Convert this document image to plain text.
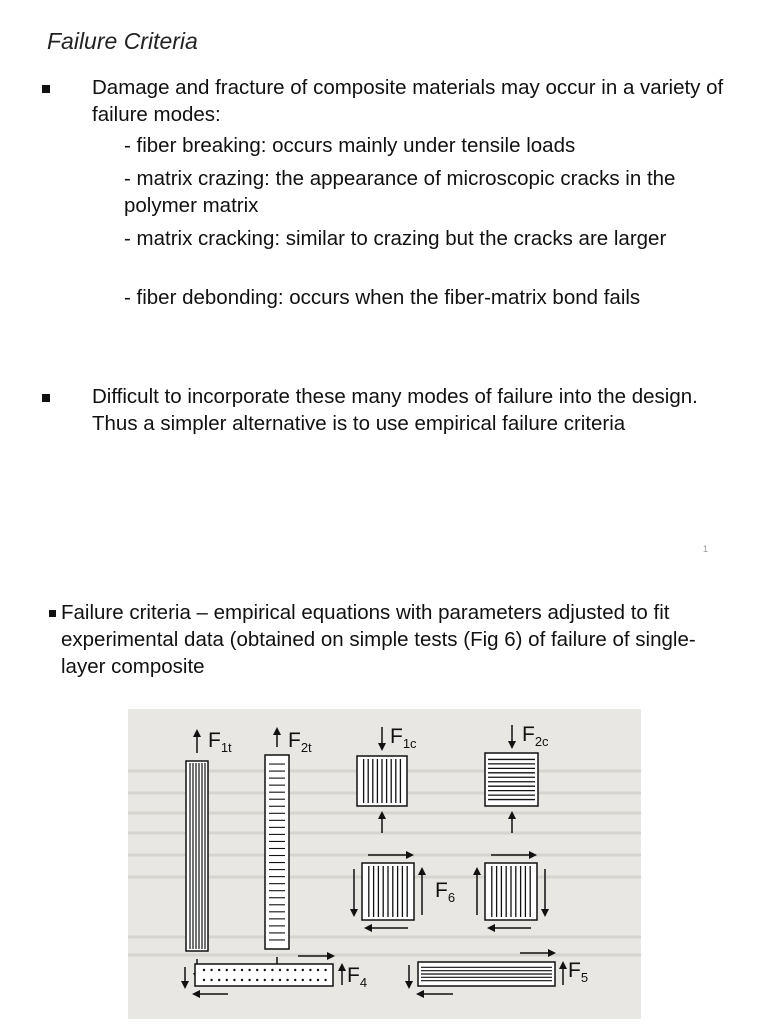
Failure Criteria

Damage and fracture of composite materials may occur in a variety of failure modes:

- fiber breaking: occurs mainly under tensile loads

- matrix crazing: the appearance of microscopic cracks in the polymer matrix

- matrix cracking: similar to crazing but the cracks are larger

- fiber debonding: occurs when the fiber-matrix bond fails

Difficult to incorporate these many modes of failure into the design. Thus a simpler alternative is to use empirical failure criteria

1

Failure criteria – empirical equations with parameters adjusted to fit experimental data (obtained on simple tests (Fig 6) of failure of single-layer composite

$F_{1t}$	$F_{2t}$	$F_{1c}$	$F_{2c}$
$F_6$
$F_4$
$F_5$
